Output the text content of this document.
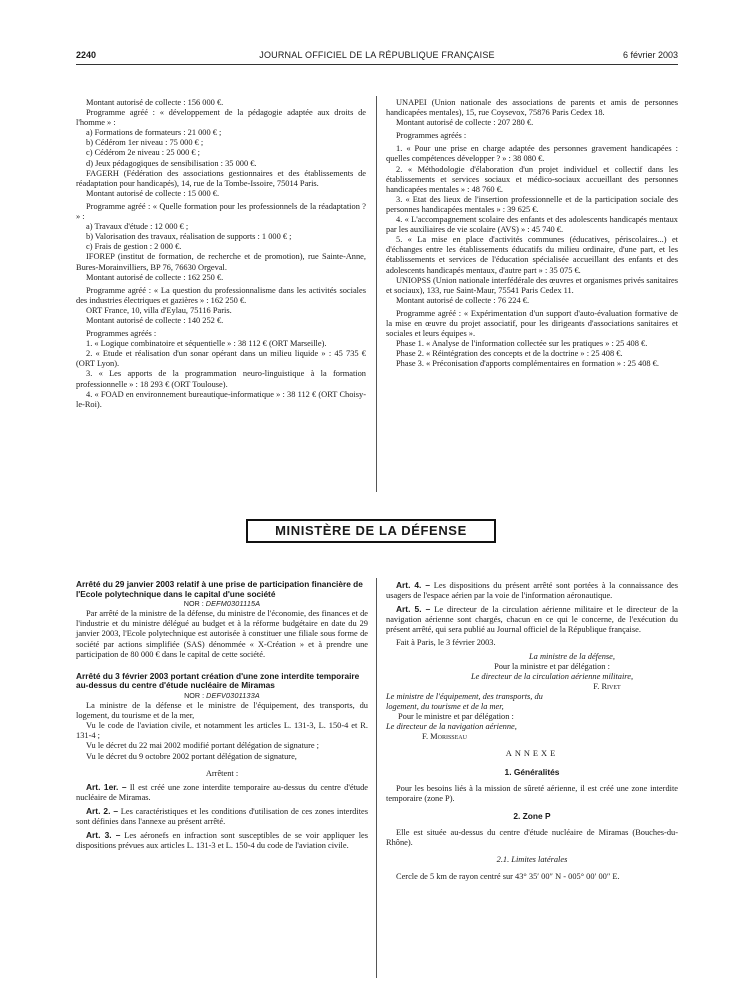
2240	JOURNAL OFFICIEL DE LA RÉPUBLIQUE FRANÇAISE	6 février 2003

Montant autorisé de collecte : 156 000 €.

Programme agréé : « développement de la pédagogie adaptée aux droits de l'homme » :

a) Formations de formateurs : 21 000 € ;

b) Cédérom 1er niveau : 75 000 € ;

c) Cédérom 2e niveau : 25 000 € ;

d) Jeux pédagogiques de sensibilisation : 35 000 €.

FAGERH (Fédération des associations gestionnaires et des établissements de réadaptation pour handicapés), 14, rue de la Tombe-Issoire, 75014 Paris.

Montant autorisé de collecte : 15 000 €.

Programme agréé : « Quelle formation pour les professionnels de la réadaptation ? » :

a) Travaux d'étude : 12 000 € ;

b) Valorisation des travaux, réalisation de supports : 1 000 € ;

c) Frais de gestion : 2 000 €.

IFOREP (institut de formation, de recherche et de promotion), rue Sainte-Anne, Bures-Morainvilliers, BP 76, 76630 Orgeval.

Montant autorisé de collecte : 162 250 €.

Programme agréé : « La question du professionnalisme dans les activités sociales des industries électriques et gazières » : 162 250 €.

ORT France, 10, villa d'Eylau, 75116 Paris.

Montant autorisé de collecte : 140 252 €.

Programmes agréés :

1. « Logique combinatoire et séquentielle » : 38 112 € (ORT Marseille).

2. « Etude et réalisation d'un sonar opérant dans un milieu liquide » : 45 735 € (ORT Lyon).

3. « Les apports de la programmation neuro-linguistique à la formation professionnelle » : 18 293 € (ORT Toulouse).

4. « FOAD en environnement bureautique-informatique » : 38 112 € (ORT Choisy-le-Roi).

UNAPEI (Union nationale des associations de parents et amis de personnes handicapées mentales), 15, rue Coysevox, 75876 Paris Cedex 18.

Montant autorisé de collecte : 207 280 €.

Programmes agréés :

1. « Pour une prise en charge adaptée des personnes gravement handicapées : quelles compétences développer ? » : 38 080 €.

2. « Méthodologie d'élaboration d'un projet individuel et collectif dans les établissements et services sociaux et médico-sociaux accueillant des personnes handicapées mentales » : 48 760 €.

3. « Etat des lieux de l'insertion professionnelle et de la participation sociale des personnes handicapées mentales » : 39 625 €.

4. « L'accompagnement scolaire des enfants et des adolescents handicapés mentaux par les auxiliaires de vie scolaire (AVS) » : 45 740 €.

5. « La mise en place d'activités communes (éducatives, périscolaires...) et d'échanges entre les établissements éducatifs du milieu ordinaire, d'une part, et les établissements et services de l'éducation spécialisée accueillant des enfants et des adolescents handicapés mentaux, d'autre part » : 35 075 €.

UNIOPSS (Union nationale interfédérale des œuvres et organismes privés sanitaires et sociaux), 133, rue Saint-Maur, 75541 Paris Cedex 11.

Montant autorisé de collecte : 76 224 €.

Programme agréé : « Expérimentation d'un support d'auto-évaluation formative de la mise en œuvre du projet associatif, pour les dirigeants d'associations sanitaires et sociales et leurs équipes ».

Phase 1. « Analyse de l'information collectée sur les pratiques » : 25 408 €.

Phase 2. « Réintégration des concepts et de la doctrine » : 25 408 €.

Phase 3. « Préconisation d'apports complémentaires en formation » : 25 408 €.

MINISTÈRE DE LA DÉFENSE

Arrêté du 29 janvier 2003 relatif à une prise de participation financière de l'Ecole polytechnique dans le capital d'une société

NOR : DEFM0301115A

Par arrêté de la ministre de la défense, du ministre de l'économie, des finances et de l'industrie et du ministre délégué au budget et à la réforme budgétaire en date du 29 janvier 2003, l'Ecole polytechnique est autorisée à constituer une filiale sous forme de société par actions simplifiée (SAS) dénommée « X-Création » et à prendre une participation de 80 000 € dans le capital de cette société.

Arrêté du 3 février 2003 portant création d'une zone interdite temporaire au-dessus du centre d'étude nucléaire de Miramas

NOR : DEFV0301133A

La ministre de la défense et le ministre de l'équipement, des transports, du logement, du tourisme et de la mer,

Vu le code de l'aviation civile, et notamment les articles L. 131-3, L. 150-4 et R. 131-4 ;

Vu le décret du 22 mai 2002 modifié portant délégation de signature ;

Vu le décret du 9 octobre 2002 portant délégation de signature,

Arrêtent :

Art. 1er. – Il est créé une zone interdite temporaire au-dessus du centre d'étude nucléaire de Miramas.

Art. 2. – Les caractéristiques et les conditions d'utilisation de ces zones interdites sont définies dans l'annexe au présent arrêté.

Art. 3. – Les aéronefs en infraction sont susceptibles de se voir appliquer les dispositions prévues aux articles L. 131-3 et L. 150-4 du code de l'aviation civile.

Art. 4. – Les dispositions du présent arrêté sont portées à la connaissance des usagers de l'espace aérien par la voie de l'information aéronautique.

Art. 5. – Le directeur de la circulation aérienne militaire et le directeur de la navigation aérienne sont chargés, chacun en ce qui le concerne, de l'exécution du présent arrêté, qui sera publié au Journal officiel de la République française.

Fait à Paris, le 3 février 2003.

La ministre de la défense,

Pour la ministre et par délégation :

Le directeur de la circulation aérienne militaire,

F. Rivet

Le ministre de l'équipement, des transports, du logement, du tourisme et de la mer,

Pour le ministre et par délégation :

Le directeur de la navigation aérienne,

F. Morisseau

ANNEXE

1. Généralités

Pour les besoins liés à la mission de sûreté aérienne, il est créé une zone interdite temporaire (zone P).

2. Zone P

Elle est située au-dessus du centre d'étude nucléaire de Miramas (Bouches-du-Rhône).

2.1. Limites latérales

Cercle de 5 km de rayon centré sur 43° 35′ 00″ N - 005° 00′ 00″ E.
